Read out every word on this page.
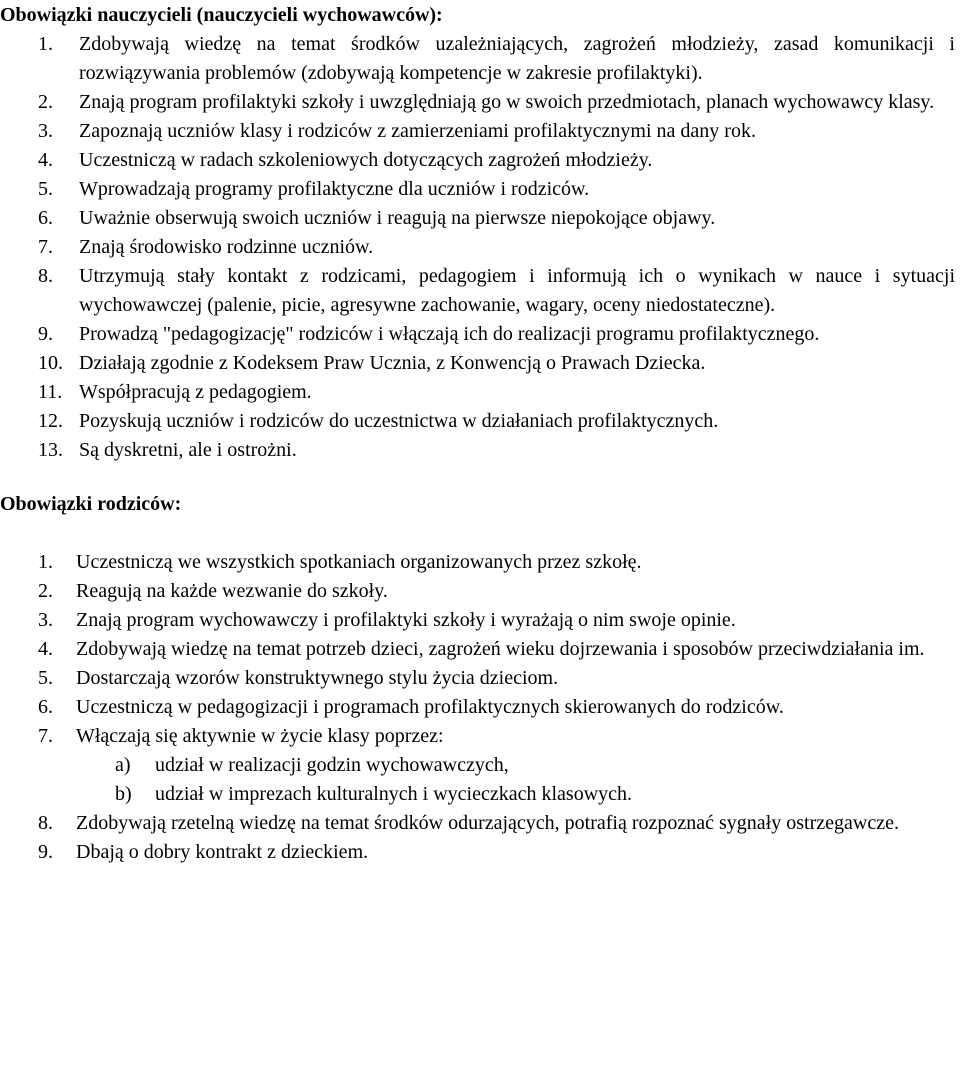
Obowiązki nauczycieli (nauczycieli wychowawców):

1.	Zdobywają wiedzę na temat środków uzależniających, zagrożeń młodzieży, zasad komunikacji i rozwiązywania problemów (zdobywają kompetencje w zakresie profilaktyki).
2.	Znają program profilaktyki szkoły i uwzględniają go w swoich przedmiotach, planach wychowawcy klasy.
3.	Zapoznają uczniów klasy i rodziców z zamierzeniami profilaktycznymi na dany rok.
4.	Uczestniczą w radach szkoleniowych dotyczących zagrożeń młodzieży.
5.	Wprowadzają programy profilaktyczne dla uczniów i rodziców.
6.	Uważnie obserwują swoich uczniów i reagują na pierwsze niepokojące objawy.
7.	Znają środowisko rodzinne uczniów.
8.	Utrzymują stały kontakt z rodzicami, pedagogiem i informują ich o wynikach w nauce i sytuacji wychowawczej (palenie, picie, agresywne zachowanie, wagary, oceny niedostateczne).
9.	Prowadzą "pedagogizację" rodziców i włączają ich do realizacji programu profilaktycznego.
10. Działają zgodnie z Kodeksem Praw Ucznia, z Konwencją o Prawach Dziecka.
11. Współpracują z pedagogiem.
12. Pozyskują uczniów i rodziców do uczestnictwa w działaniach profilaktycznych.
13. Są dyskretni, ale i ostrożni.

Obowiązki rodziców:

1.	Uczestniczą we wszystkich spotkaniach organizowanych przez szkołę.
2.	Reagują na każde wezwanie do szkoły.
3.	Znają program wychowawczy i profilaktyki szkoły i wyrażają o nim swoje opinie.
4.	Zdobywają wiedzę na temat potrzeb dzieci, zagrożeń wieku dojrzewania i sposobów przeciwdziałania im.
5.	Dostarczają wzorów konstruktywnego stylu życia dzieciom.
6.	Uczestniczą w pedagogizacji i programach profilaktycznych skierowanych do rodziców.
7.	Włączają się aktywnie w życie klasy poprzez:
a)	udział w realizacji godzin wychowawczych,
b)	udział w imprezach kulturalnych i wycieczkach klasowych.
8.	Zdobywają rzetelną wiedzę na temat środków odurzających, potrafią rozpoznać sygnały ostrzegawcze.
9.	Dbają o dobry kontrakt z dzieckiem.
